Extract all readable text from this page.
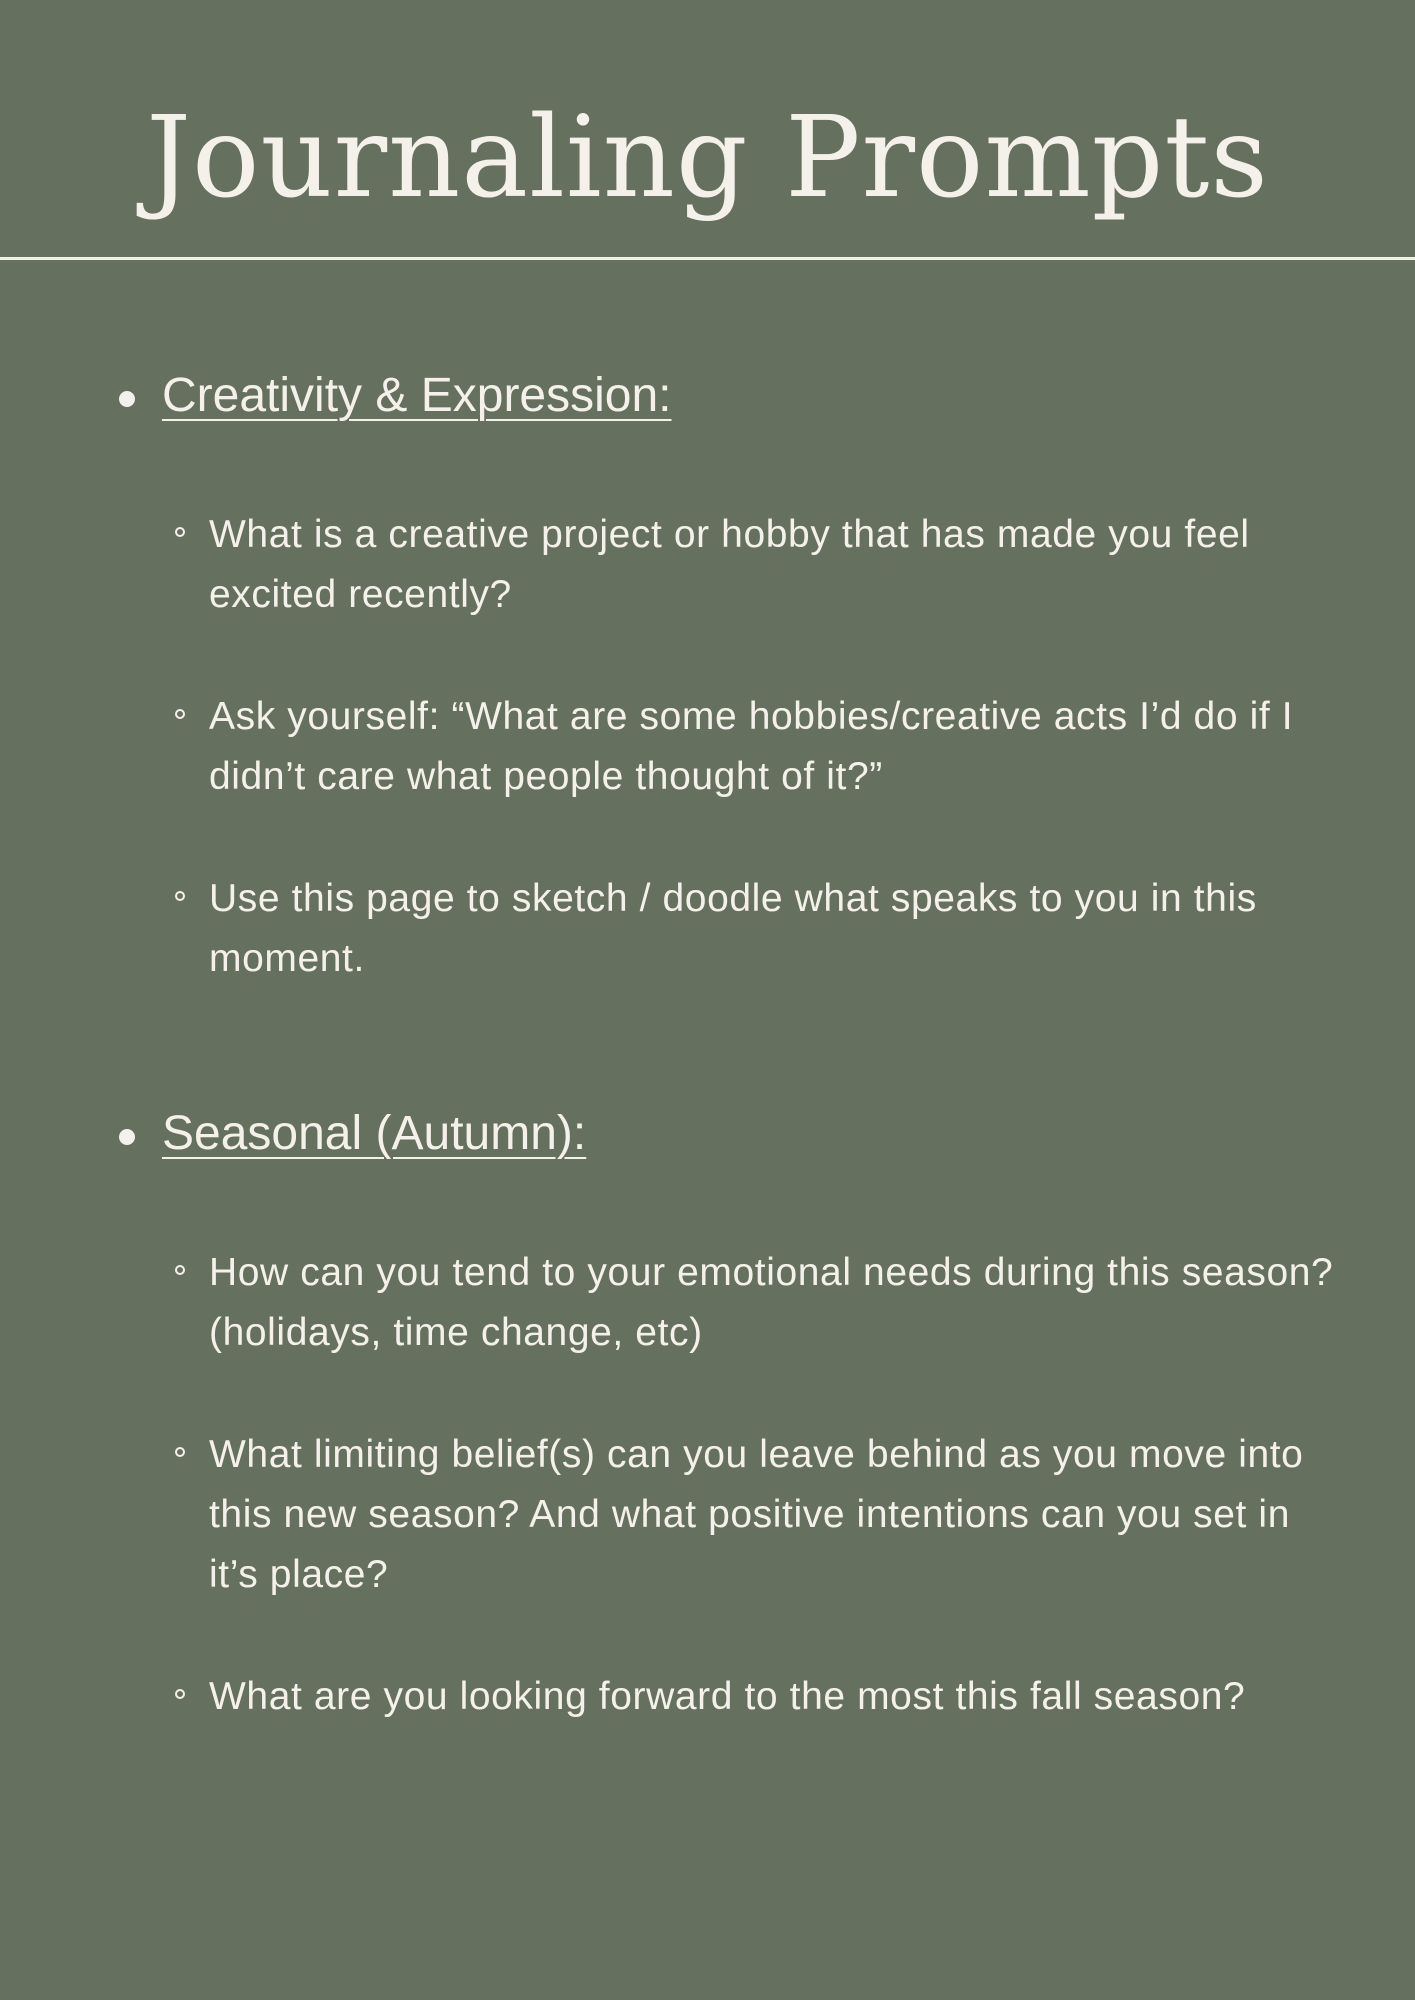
Journaling Prompts
Creativity & Expression:
What is a creative project or hobby that has made you feel excited recently?
Ask yourself: “What are some hobbies/creative acts I’d do if I didn’t care what people thought of it?”
Use this page to sketch / doodle what speaks to you in this moment.
Seasonal (Autumn):
How can you tend to your emotional needs during this season? (holidays, time change, etc)
What limiting belief(s) can you leave behind as you move into this new season? And what positive intentions can you set in it’s place?
What are you looking forward to the most this fall season?
